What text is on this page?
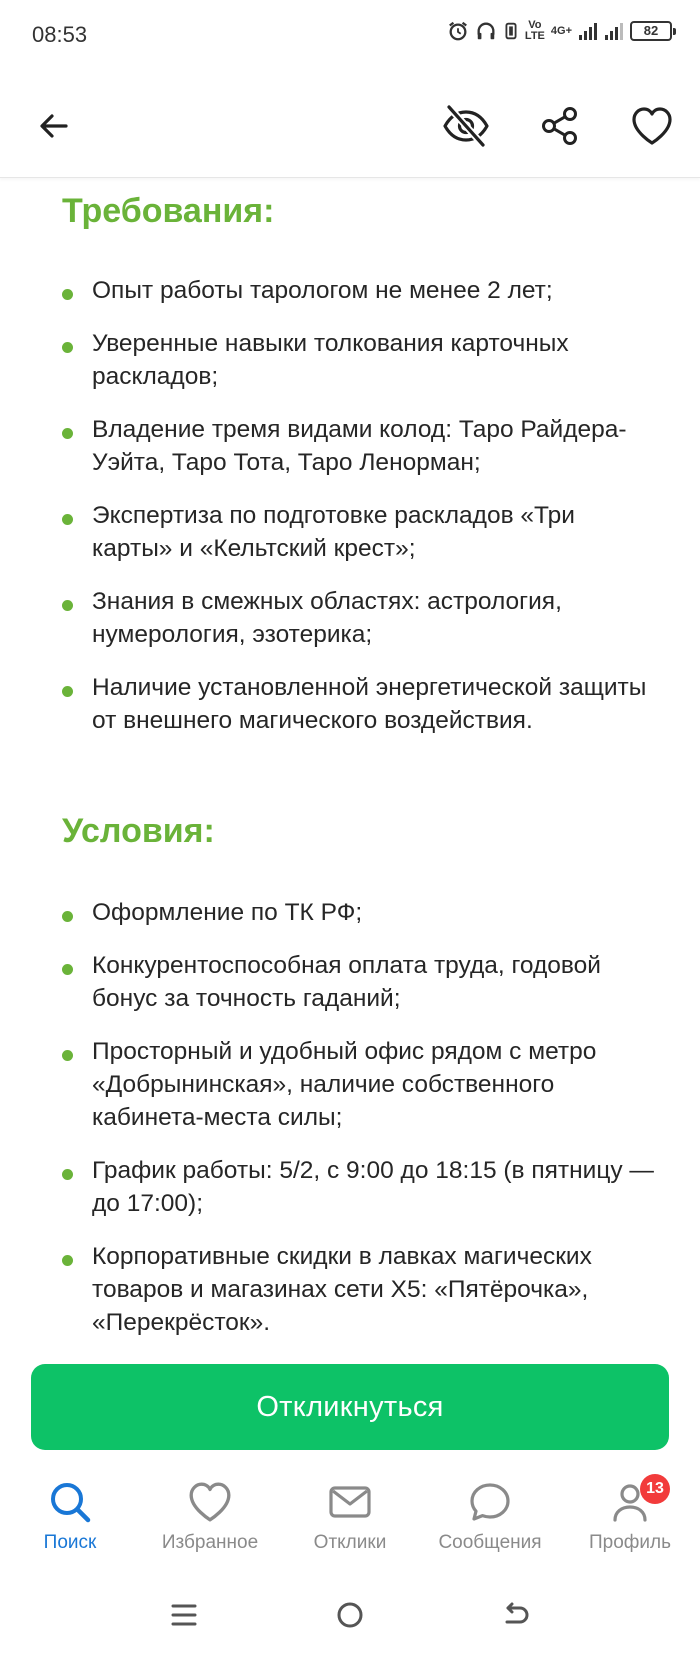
08:53	Vo
LTE 4G+	82
Требования:
Опыт работы тарологом не менее 2 лет;
Уверенные навыки толкования карточных раскладов;
Владение тремя видами колод: Таро Райдера-Уэйта, Таро Тота, Таро Ленорман;
Экспертиза по подготовке раскладов «Три карты» и «Кельтский крест»;
Знания в смежных областях: астрология, нумерология, эзотерика;
Наличие установленной энергетической защиты от внешнего магического воздействия.
Условия:
Оформление по ТК РФ;
Конкурентоспособная оплата труда, годовой бонус за точность гаданий;
Просторный и удобный офис рядом с метро «Добрынинская», наличие собственного кабинета-места силы;
График работы: 5/2, с 9:00 до 18:15 (в пятницу — до 17:00);
Корпоративные скидки в лавках магических товаров и магазинах сети X5: «Пятёрочка», «Перекрёсток».
Откликнуться
Поиск	Избранное	Отклики	Сообщения Профиль
13
